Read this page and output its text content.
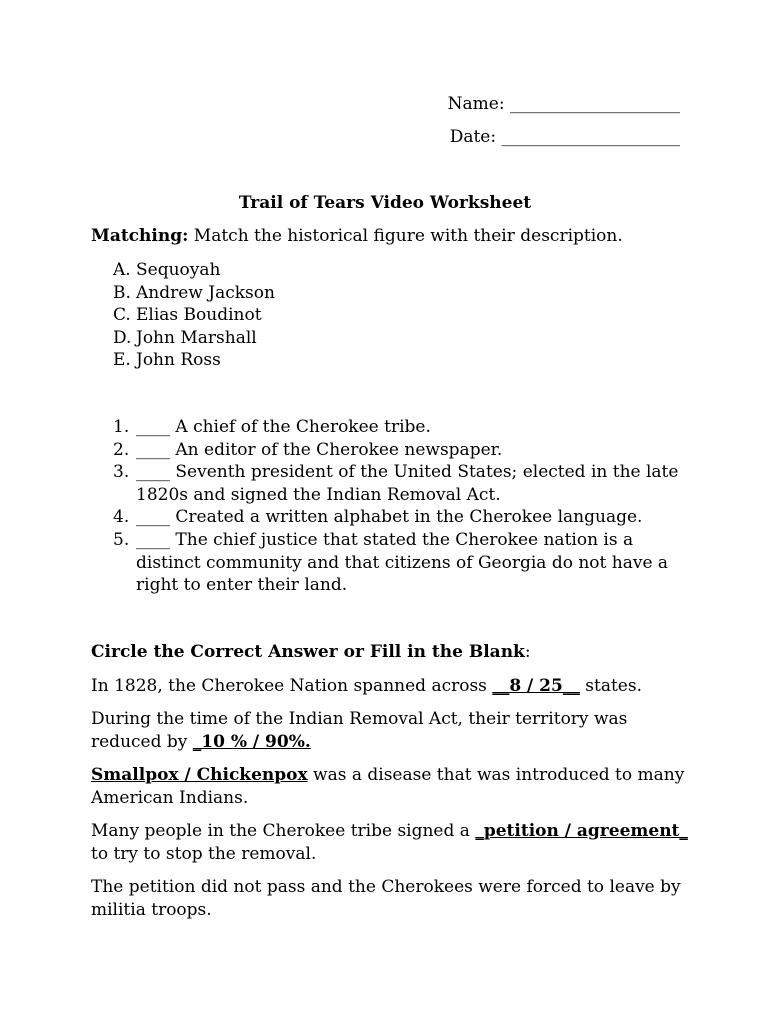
Name: ____________________
Date: _____________________
Trail of Tears Video Worksheet

Matching: Match the historical figure with their description.

A. Sequoyah
B. Andrew Jackson
C. Elias Boudinot
D. John Marshall
E. John Ross
1. ____ A chief of the Cherokee tribe.
2. ____ An editor of the Cherokee newspaper.
3. ____ Seventh president of the United States; elected in the late 1820s and signed the Indian Removal Act.
4. ____ Created a written alphabet in the Cherokee language.
5. ____ The chief justice that stated the Cherokee nation is a distinct community and that citizens of Georgia do not have a right to enter their land.

Circle the Correct Answer or Fill in the Blank:

In 1828, the Cherokee Nation spanned across __8 / 25__ states.

During the time of the Indian Removal Act, their territory was reduced by _10 % / 90%.

Smallpox / Chickenpox was a disease that was introduced to many American Indians.

Many people in the Cherokee tribe signed a _petition / agreement_ to try to stop the removal.

The petition did not pass and the Cherokees were forced to leave by militia troops.
